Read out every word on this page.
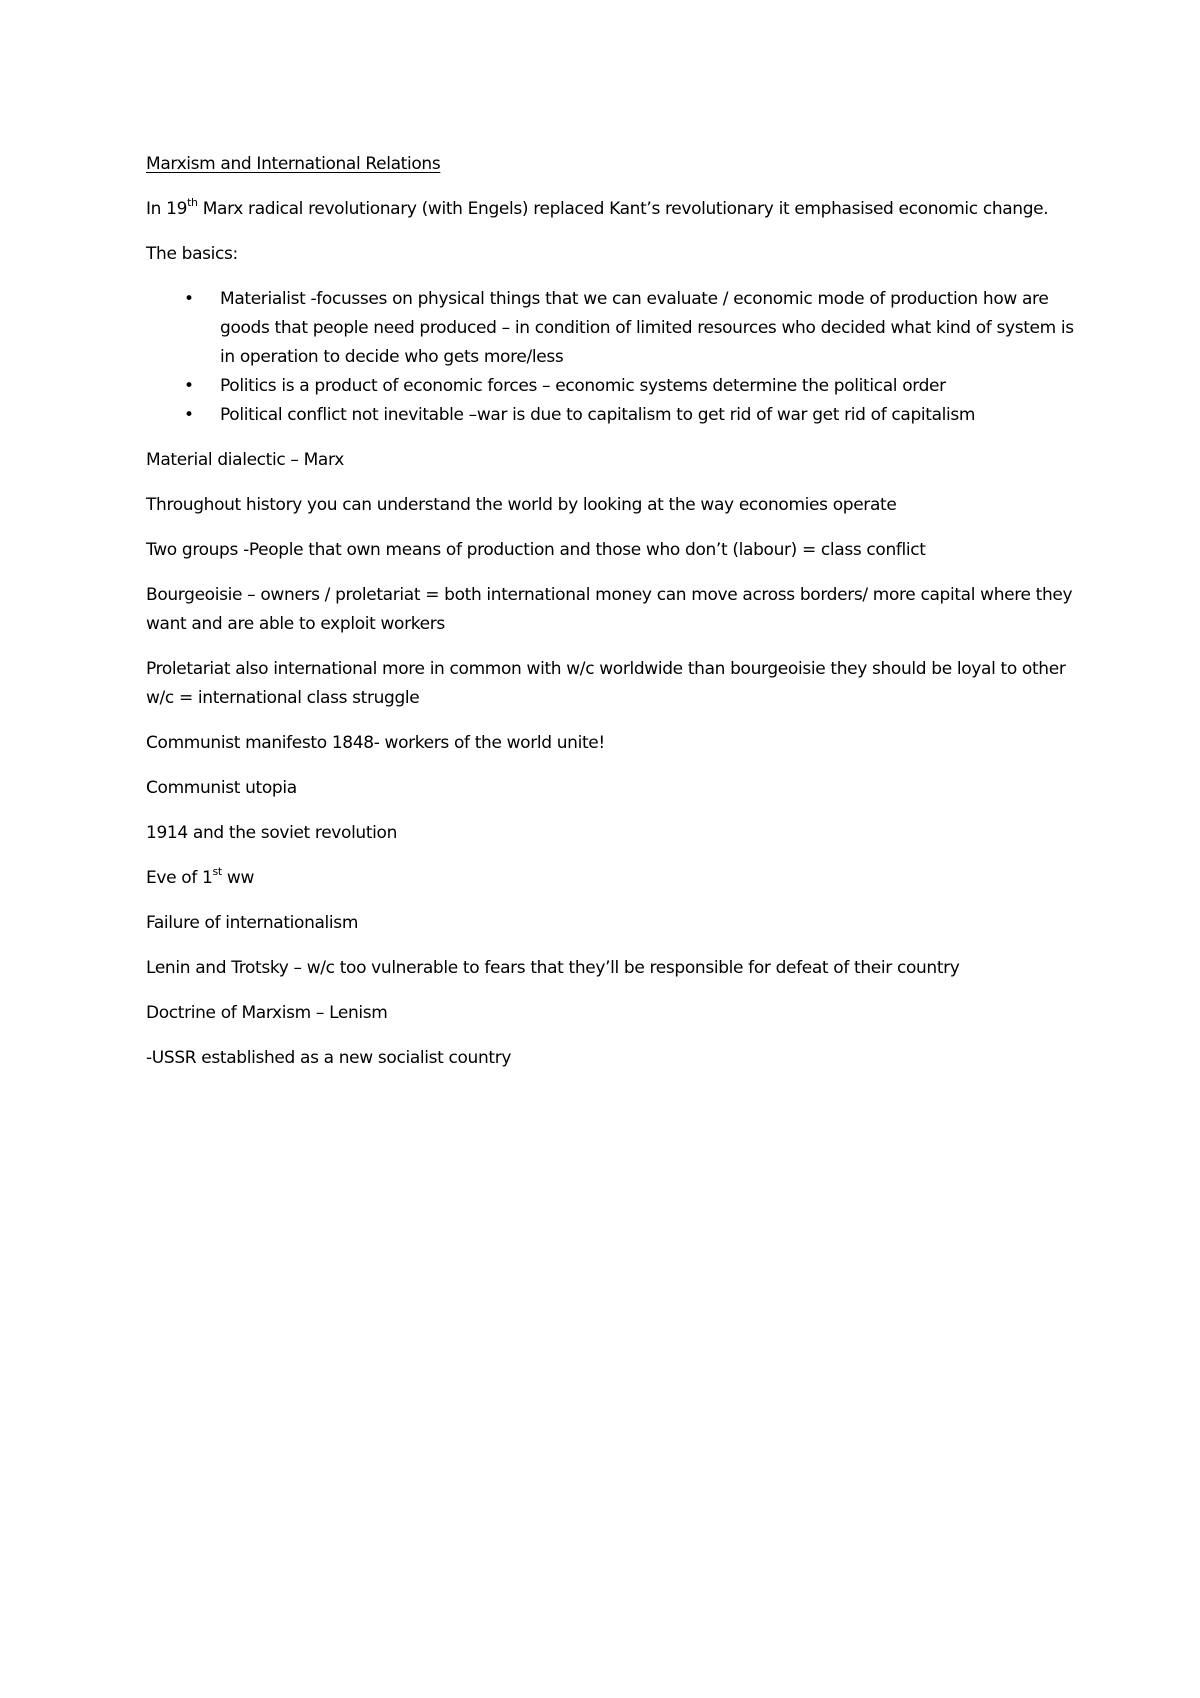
Marxism and International Relations

In 19th Marx radical revolutionary (with Engels) replaced Kant’s revolutionary it emphasised economic change.

The basics:

• Materialist -focusses on physical things that we can evaluate / economic mode of production how are goods that people need produced – in condition of limited resources who decided what kind of system is in operation to decide who gets more/less
• Politics is a product of economic forces – economic systems determine the political order
• Political conflict not inevitable –war is due to capitalism to get rid of war get rid of capitalism

Material dialectic – Marx

Throughout history you can understand the world by looking at the way economies operate

Two groups -People that own means of production and those who don’t (labour) = class conflict

Bourgeoisie – owners / proletariat = both international money can move across borders/ more capital where they want and are able to exploit workers

Proletariat also international more in common with w/c worldwide than bourgeoisie they should be loyal to other w/c = international class struggle

Communist manifesto 1848- workers of the world unite!

Communist utopia

1914 and the soviet revolution

Eve of 1st ww

Failure of internationalism

Lenin and Trotsky – w/c too vulnerable to fears that they’ll be responsible for defeat of their country

Doctrine of Marxism – Lenism

-USSR established as a new socialist country
